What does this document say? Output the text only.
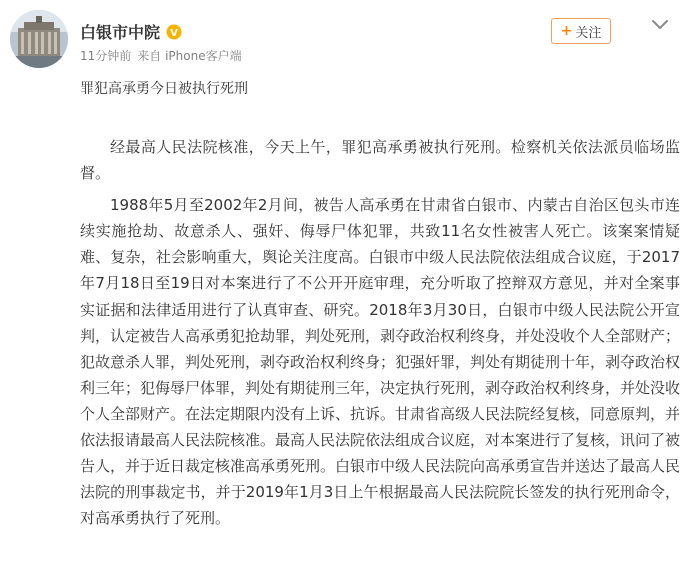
白银市中院 V
11分钟前 来自 iPhone客户端
+ 关注
罪犯高承勇今日被执行死刑

经最高人民法院核准，今天上午，罪犯高承勇被执行死刑。检察机关依法派员临场监督。

1988年5月至2002年2月间，被告人高承勇在甘肃省白银市、内蒙古自治区包头市连续实施抢劫、故意杀人、强奸、侮辱尸体犯罪，共致11名女性被害人死亡。该案案情疑难、复杂，社会影响重大，舆论关注度高。白银市中级人民法院依法组成合议庭，于2017年7月18日至19日对本案进行了不公开开庭审理，充分听取了控辩双方意见，并对全案事实证据和法律适用进行了认真审查、研究。2018年3月30日，白银市中级人民法院公开宣判，认定被告人高承勇犯抢劫罪，判处死刑，剥夺政治权利终身，并处没收个人全部财产；犯故意杀人罪，判处死刑，剥夺政治权利终身；犯强奸罪，判处有期徒刑十年，剥夺政治权利三年；犯侮辱尸体罪，判处有期徒刑三年，决定执行死刑，剥夺政治权利终身，并处没收个人全部财产。在法定期限内没有上诉、抗诉。甘肃省高级人民法院经复核，同意原判，并依法报请最高人民法院核准。最高人民法院依法组成合议庭，对本案进行了复核，讯问了被告人，并于近日裁定核准高承勇死刑。白银市中级人民法院向高承勇宣告并送达了最高人民法院的刑事裁定书，并于2019年1月3日上午根据最高人民法院院长签发的执行死刑命令，对高承勇执行了死刑。
